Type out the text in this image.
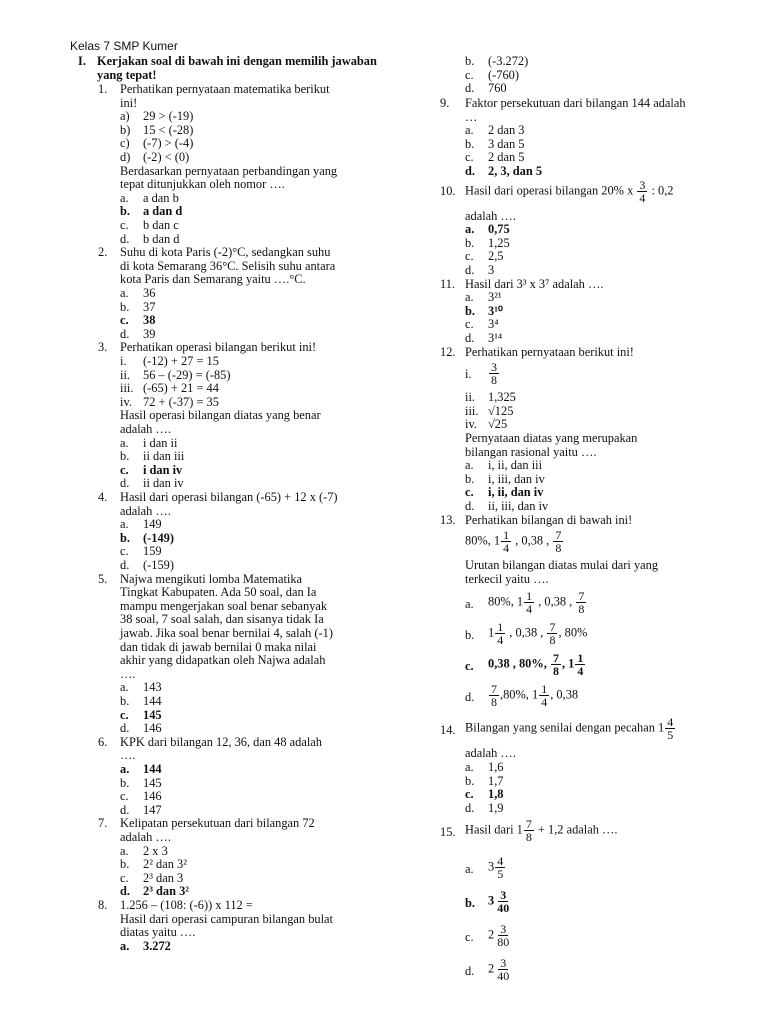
Kelas 7 SMP Kumer
I. Kerjakan soal di bawah ini dengan memilih jawaban yang tepat!
1. Perhatikan pernyataan matematika berikut
ini!
a) 29 > (-19)
b) 15 < (-28)
c) (-7) > (-4)
d) (-2) < (0)
Berdasarkan pernyataan perbandingan yang
tepat ditunjukkan oleh nomor ….
a. a dan b
b. a dan d
c. b dan c
d. b dan d
2. Suhu di kota Paris (-2)°C, sedangkan suhu
di kota Semarang 36°C. Selisih suhu antara
kota Paris dan Semarang yaitu ….°C.
a. 36
b. 37
c. 38
d. 39
3. Perhatikan operasi bilangan berikut ini!
i. (-12) + 27 = 15
ii. 56 – (-29) = (-85)
iii. (-65) + 21 = 44
iv. 72 + (-37) = 35
Hasil operasi bilangan diatas yang benar
adalah ….
a. i dan ii
b. ii dan iii
c. i dan iv
d. ii dan iv
4. Hasil dari operasi bilangan (-65) + 12 x (-7)
adalah ….
a. 149
b. (-149)
c. 159
d. (-159)
5. Najwa mengikuti lomba Matematika
Tingkat Kabupaten. Ada 50 soal, dan Ia
mampu mengerjakan soal benar sebanyak
38 soal, 7 soal salah, dan sisanya tidak Ia
jawab. Jika soal benar bernilai 4, salah (-1)
dan tidak di jawab bernilai 0 maka nilai
akhir yang didapatkan oleh Najwa adalah
….
a. 143
b. 144
c. 145
d. 146
6. KPK dari bilangan 12, 36, dan 48 adalah
….
a. 144
b. 145
c. 146
d. 147
7. Kelipatan persekutuan dari bilangan 72
adalah ….
a. 2 x 3
b. 2² dan 3²
c. 2³ dan 3
d. 2³ dan 3²
8. 1.256 – (108: (-6)) x 112 =
Hasil dari operasi campuran bilangan bulat
diatas yaitu ….
a. 3.272
b. (-3.272)
c. (-760)
d. 760
9. Faktor persekutuan dari bilangan 144 adalah
…
a. 2 dan 3
b. 3 dan 5
c. 2 dan 5
d. 2, 3, dan 5
10. Hasil dari operasi bilangan 20% x $\frac{3}{4}$ : 0,2
adalah ….
a. 0,75
b. 1,25
c. 2,5
d. 3
11. Hasil dari 3³ x 3⁷ adalah ….
a. 3²¹
b. 3¹⁰
c. 3⁴
d. 3¹⁴
12. Perhatikan pernyataan berikut ini!
i. $\frac{3}{8}$
ii. 1,325
iii. √125
iv. √25
Pernyataan diatas yang merupakan
bilangan rasional yaitu ….
a. i, ii, dan iii
b. i, iii, dan iv
c. i, ii, dan iv
d. ii, iii, dan iv
13. Perhatikan bilangan di bawah ini!
80%, $1 \frac{1}{4}$ , 0,38 , $\frac{7}{8}$
Urutan bilangan diatas mulai dari yang
terkecil yaitu ….
a. 80%, $1 \frac{1}{4}$ , 0,38 , $\frac{7}{8}$
b. $1 \frac{1}{4}$ , 0,38 , $\frac{7}{8}$ , 80%
c. 0,38 , 80%, $\frac{7}{8}$ , $1 \frac{1}{4}$
d. $\frac{7}{8} ,80\%$, $1 \frac{1}{4}$ , 0,38
14. Bilangan yang senilai dengan pecahan $1 \frac{4}{5}$
adalah ….
a. 1,6
b. 1,7
c. 1,8
d. 1,9
15. Hasil dari $1 \frac{7}{8} + 1,2$ adalah ….
a. $3 \frac{4}{5}$
b. $3 \frac{3}{40}$
c. $2 \frac{3}{80}$
d. $2 \frac{3}{40}$
